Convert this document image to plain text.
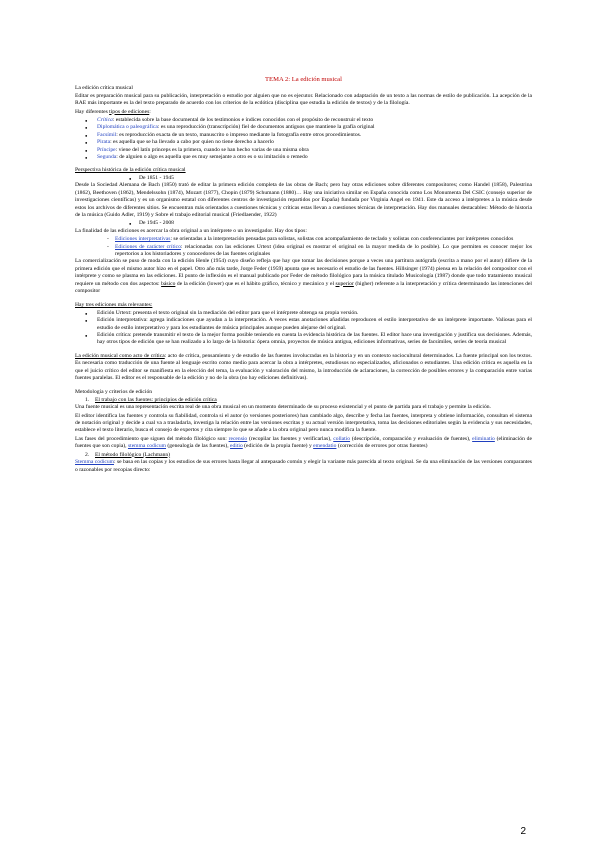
TEMA 2: La edición musical
La edición crítica musical

Editar es preparación musical para su publicación, interpretación o estudio por alguien que no es ejecutor. Relacionado con adaptación de un texto a las normas de estilo de publicación. La acepción de la RAE más importante es la del texto preparado de acuerdo con los criterios de la ecdótica (disciplina que estudia la edición de textos) y de la filología.

Hay diferentes tipos de ediciones:

● Crítica: establecida sobre la base documental de los testimonios e índices conocidos con el propósito de reconstruir el texto
● Diplomática o paleográfica: es una reproducción (transcripción) fiel de documentos antiguos que mantiene la grafía original
● Facsímil: es reproducción exacta de un texto, manuscrito o impreso mediante la fotografía entre otros procedimientos.
● Pirata: es aquella que se ha llevado a cabo por quien no tiene derecho a hacerlo
● Príncipe: viene del latín princeps es la primera, cuando se han hecho varias de una misma obra
● Segunda: de alguien o algo es aquella que es muy semejante a otro es o su imitación o remedo
Perspectiva histórica de la edición crítica musical
● De 1851 - 1945

Desde la Sociedad Alemana de Bach (1850) trató de editar la primera edición completa de las obras de Bach; pero hay otras ediciones sobre diferentes compositores; como Handel (1858), Palestrina (1862), Beethoven (1862), Mendelssohn (1874), Mozart (1877), Chopin (1879) Schumann (1880)… Hay una iniciativa similar en España conocida como Los Monumenta Del CSIC (consejo superior de investigaciones científicas) y es un organismo estatal con diferentes centros de investigación repartidos por España) fundada por Virginia Angel en 1941. Este da acceso a intérpretes a la música desde estos los archivos de diferentes sitios. Se encuentran más orientados a cuestiones técnicas y críticas estas llevan a cuestiones técnicas de interpretación. Hay dos manuales destacables: Método de historia de la música (Guido Adler, 1919) y Sobre el trabajo editorial musical (Friedlaender, 1922)

● De 1945 - 2008

La finalidad de las ediciones es acercar la obra original a un intérprete o un investigador. Hay dos tipos:

- Ediciones interpretativas: se orientadas a la interpretación pensadas para solistas, solistas con acompañamiento de teclado y solistas con conferenciantes por intérpretes conocidos
- Ediciones de carácter crítico: relacionadas con las ediciones Urtext (idea original es mostrar el original en la mayor medida de lo posible). Lo que permiten es conocer mejor los repertorios a los historiadores y conocedores de las fuentes originales

La comercialización se puso de moda con la edición Henle (1954) cuyo diseño refleja que hay que tomar las decisiones porque a veces una partitura autógrafa (escrita a mano por el autor) difiere de la primera edición que el mismo autor hizo en el papel. Otro año más tarde, Jorge Feder (1959) apunta que es necesario el estudio de las fuentes. Hillsinger (1974) piensa en la relación del compositor con el intérprete y como se plasma en las ediciones. El punto de inflexión es el manual publicado por Feder de método filológico para la música titulado Musicología (1987) donde que todo tratamiento musical requiere un método con dos aspectos: básico de la edición (lower) que es el hábito gráfico, técnico y mecánico y el superior (higher) referente a la interpretación y crítica determinando las intenciones del compositor

Hay tres ediciones más relevantes:
● Edición Urtext: presenta el texto original sin la mediación del editor para que el intérprete obtenga su propia versión.
● Edición interpretativa: agrega indicaciones que ayudan a la interpretación. A veces estas anotaciones añadidas reproducen el estilo interpretativo de un intérprete importante. Valiosas para el estudio de estilo interpretativo y para los estudiantes de música principales aunque pueden alejarse del original.
● Edición crítica: pretende transmitir el texto de la mejor forma posible teniendo en cuenta la evidencia histórica de las fuentes. El editor hace una investigación y justifica sus decisiones. Además, hay otros tipos de edición que se han realizado a lo largo de la historia: ópera omnia, proyectos de música antigua, ediciones informativas, series de facsímiles, series de teoría musical

La edición musical como acto de crítica: acto de crítica, pensamiento y de estudio de las fuentes involucradas en la historia y en un contexto sociocultural determinados. La fuente principal son los textos. Es necesaria como traducción de una fuente al lenguaje escrito como medio para acercar la obra a intérpretes, estudiosos no especializados, aficionados o estudiantes. Una edición crítica es aquella en la que el juicio crítico del editor se manifiesta en la elección del tema, la evaluación y valoración del mismo, la introducción de aclaraciones, la corrección de posibles errores y la comparación entre varias fuentes paralelas. El editor es el responsable de la edición y no de la obra (no hay ediciones definitivas).

Metodología y criterios de edición
1. El trabajo con las fuentes: principios de edición crítica

Una fuente musical es una representación escrita real de una obra musical en un momento determinado de su proceso existencial y el punto de partida para el trabajo y permite la edición.

El editor identifica las fuentes y controla su fiabilidad, controla si el autor (o versiones posteriores) han cambiado algo, describe y fecha las fuentes, interpreta y obtiene información, consultan el sistema de notación original y decide a cual va a trasladarla, investiga la relación entre las versiones escritas y su actual versión interpretativa, toma las decisiones editoriales según la evidencia y sus necesidades, establece el texto literario, busca el consejo de expertos y cita siempre lo que se añade a la obra original pero nunca modifica la fuente.

Las fases del procedimiento que siguen del método filológico son: recensio (recopilar las fuentes y verificarlas), collatio (descripción, comparación y evaluación de fuentes), eliminatio (eliminación de fuentes que son copia), stemma codicum (genealogía de las fuentes), editio (edición de la propia fuente) y emendatio (corrección de errores por otras fuentes)

2. El método filológico (Lachmann)

Stemma codicum: se basa en las copias y los estudios de sus errores hasta llegar al antepasado común y elegir la variante más parecida al texto original. Se da una eliminación de las versiones comparantes o razonables por recopias directo:

2
